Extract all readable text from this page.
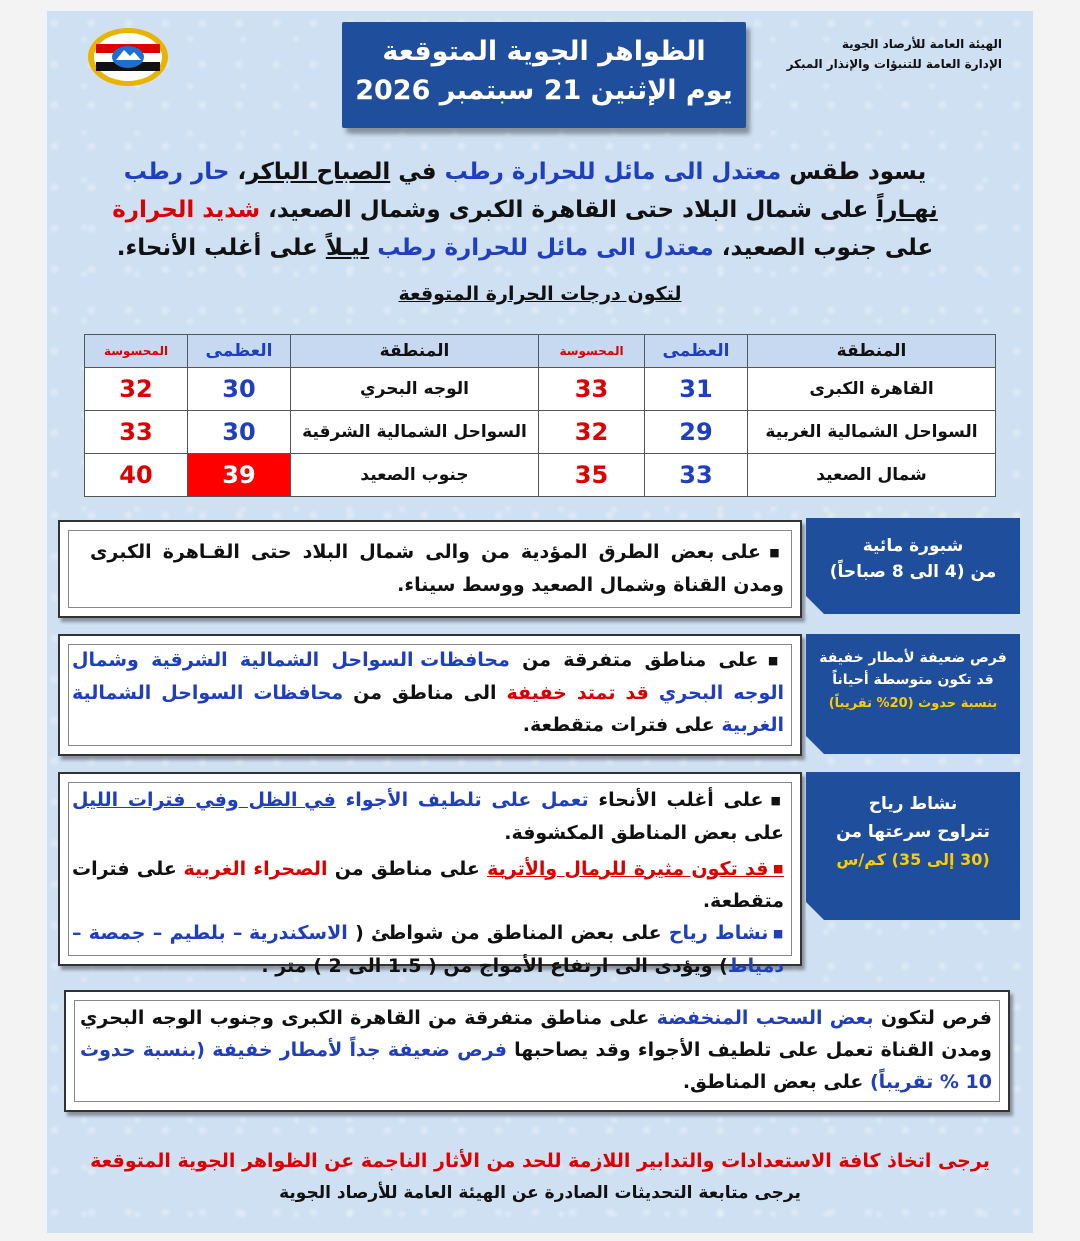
الهيئة العامة للأرصاد الجوية
الإدارة العامة للتنبؤات والإنذار المبكر
الظواهر الجوية المتوقعة
يوم الإثنين 21 سبتمبر 2026
يسود طقس معتدل الى مائل للحرارة رطب في الصباح الباكر، حار رطب نهـاراً على شمال البلاد حتى القاهرة الكبرى وشمال الصعيد، شديد الحرارة على جنوب الصعيد، معتدل الى مائل للحرارة رطب ليـلاً على أغلب الأنحاء.
لتكون درجات الحرارة المتوقعة
المنطقة	العظمى	المحسوسة	المنطقة	العظمى	المحسوسة
القاهرة الكبرى	31	33	الوجه البحري	30	32
السواحل الشمالية الغربية	29	32	السواحل الشمالية الشرقية	30	33
شمال الصعيد	33	35	جنوب الصعيد	39	40
■ على بعض الطرق المؤدية من والى شمال البلاد حتى القـاهرة الكبرى ومدن القناة وشمال الصعيد ووسط سيناء.
شبورة مائية
من (4 الى 8 صباحاً)
■ على مناطق متفرقة من محافظات السواحل الشمالية الشرقية وشمال الوجه البحري قد تمتد خفيفة الى مناطق من محافظات السواحل الشمالية الغربية على فترات متقطعة.
فرص ضعيفة لأمطار خفيفة
قد تكون متوسطة أحياناً
بنسبة حدوث (20% تقريباً)
■ على أغلب الأنحاء تعمل على تلطيف الأجواء في الظل وفي فترات الليل على بعض المناطق المكشوفة.
■ قد تكون مثيرة للرمال والأتربة على مناطق من الصحراء الغربية على فترات متقطعة.
■ نشاط رياح على بعض المناطق من شواطئ ( الاسكندرية – بلطيم – جمصة – دمياط) ويؤدى الى ارتفاع الأمواج من ( 1.5 الى 2 ) متر .
نشاط رياح
تتراوح سرعتها من
(30 إلى 35) كم/س
فرص لتكون بعض السحب المنخفضة على مناطق متفرقة من القاهرة الكبرى وجنوب الوجه البحري ومدن القناة تعمل على تلطيف الأجواء وقد يصاحبها فرص ضعيفة جداً لأمطار خفيفة (بنسبة حدوث 10 % تقريباً) على بعض المناطق.
يرجى اتخاذ كافة الاستعدادات والتدابير اللازمة للحد من الأثار الناجمة عن الظواهر الجوية المتوقعة
يرجى متابعة التحديثات الصادرة عن الهيئة العامة للأرصاد الجوية
